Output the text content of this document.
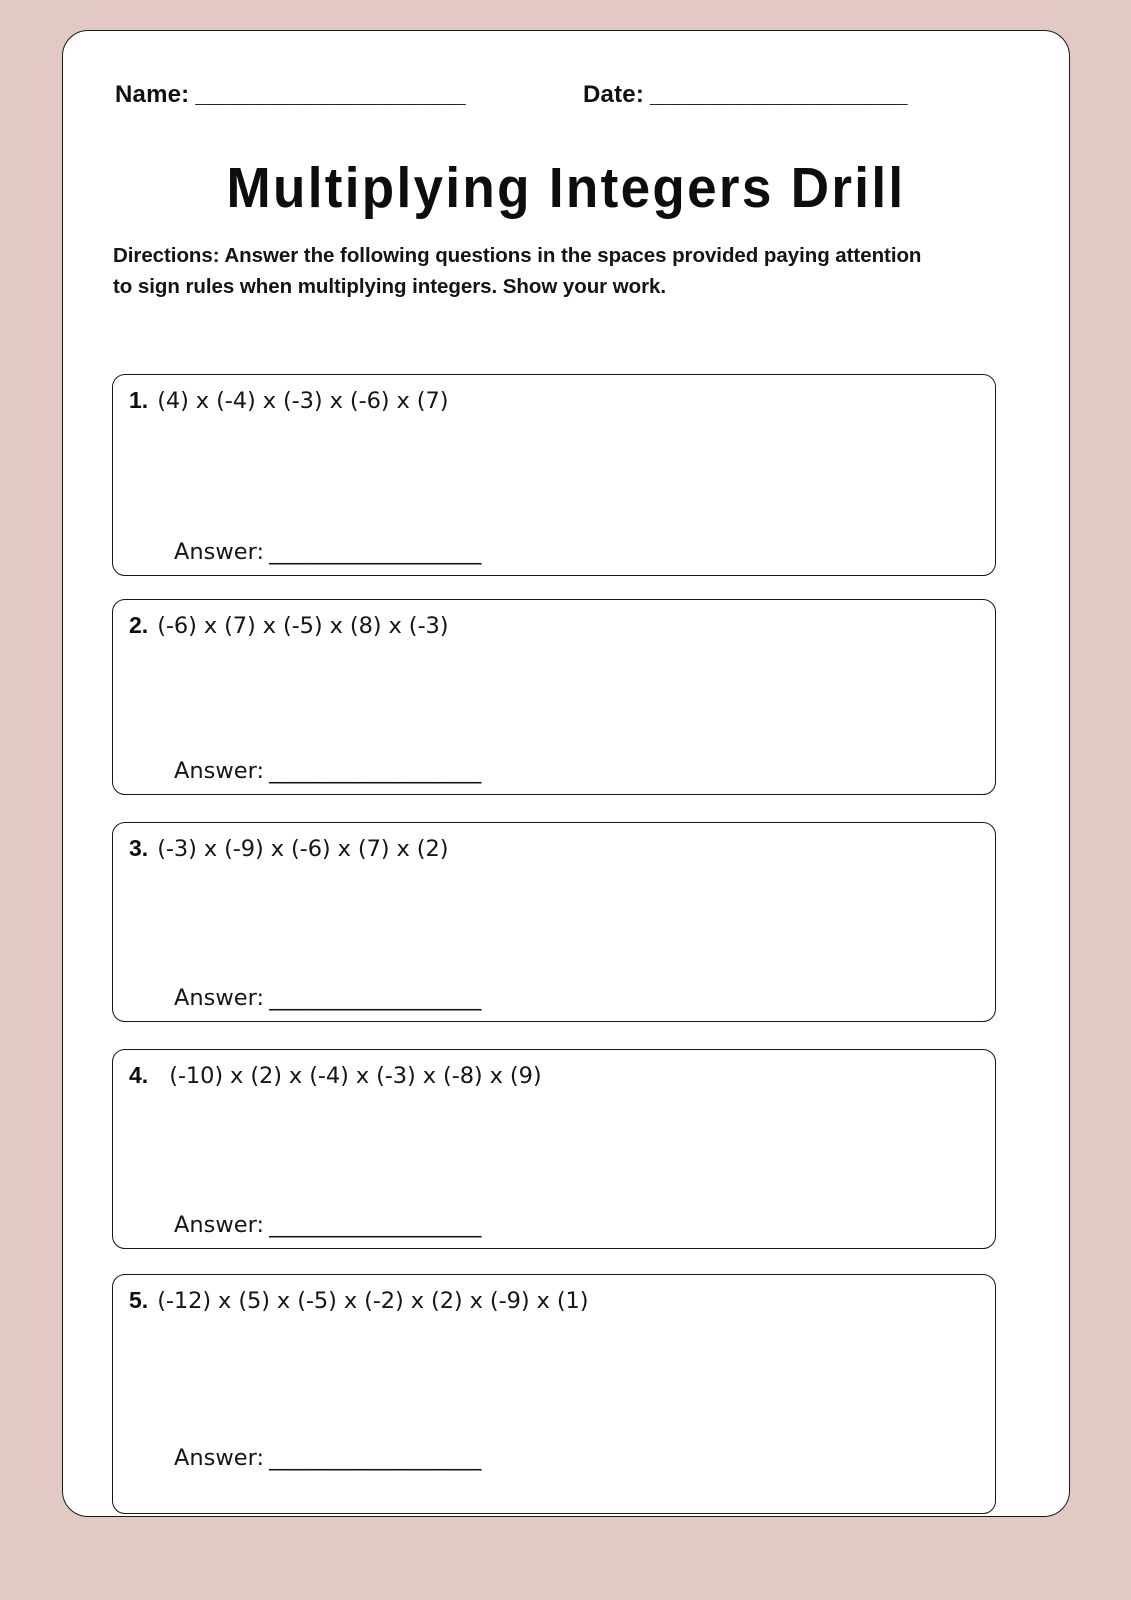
Name: _____________________	Date: ____________________
Multiplying Integers Drill
Directions: Answer the following questions in the spaces provided paying attention to sign rules when multiplying integers. Show your work.
1. (4) x (-4) x (-3) x (-6) x (7)
Answer: _____________________
2. (-6) x (7) x (-5) x (8) x (-3)
Answer: _____________________
3. (-3) x (-9) x (-6) x (7) x (2)
Answer: _____________________
4. (-10) x (2) x (-4) x (-3) x (-8) x (9)
Answer: _____________________
5. (-12) x (5) x (-5) x (-2) x (2) x (-9) x (1)
Answer: _____________________
